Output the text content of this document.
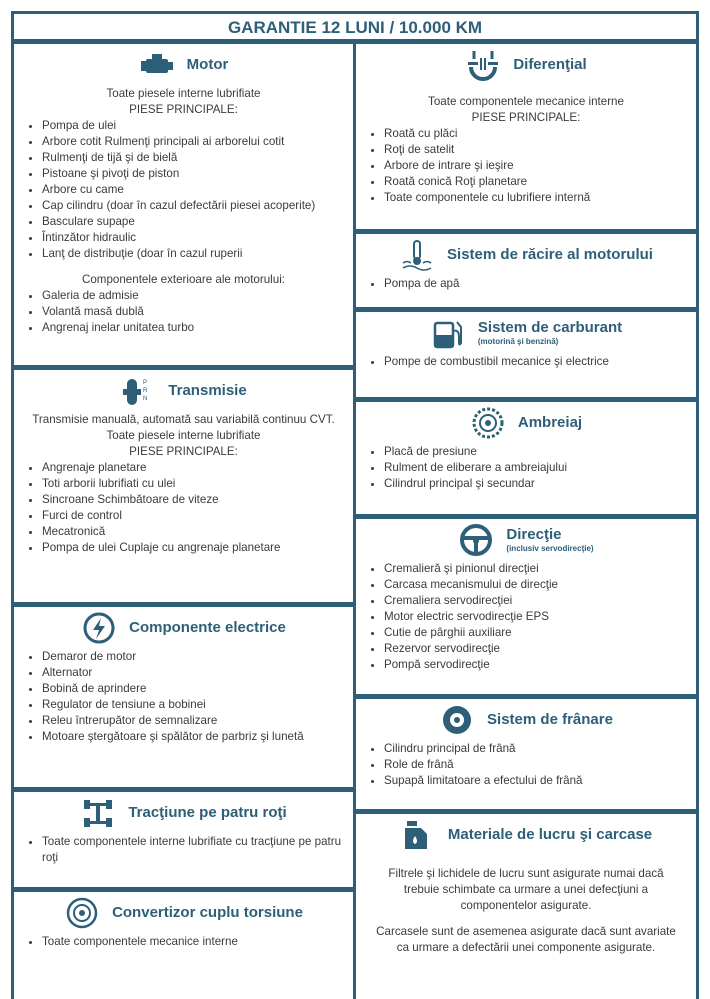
GARANTIE 12 LUNI / 10.000 KM
Motor
Toate piesele interne lubrifiate
PIESE PRINCIPALE:
• Pompa de ulei
• Arbore cotit Rulmenţi principali ai arborelui cotit
• Rulmenţi de tijă şi de bielă
• Pistoane şi pivoţi de piston
• Arbore cu came
• Cap cilindru (doar în cazul defectării piesei acoperite)
• Basculare supape
• Întinzător hidraulic
• Lanţ de distribuţie (doar în cazul ruperii
Componentele exterioare ale motorului:
• Galeria de admisie
• Volantă masă dublă
• Angrenaj inelar unitatea turbo
P
R
N
Transmisie
Transmisie manuală, automată sau variabilă continuu CVT.
Toate piesele interne lubrifiate
PIESE PRINCIPALE:
• Angrenaje planetare
• Toti arborii lubrifiati cu ulei
• Sincroane Schimbătoare de viteze
• Furci de control
• Mecatronică
• Pompa de ulei Cuplaje cu angrenaje planetare
Componente electrice
• Demaror de motor
• Alternator
• Bobină de aprindere
• Regulator de tensiune a bobinei
• Releu întrerupător de semnalizare
• Motoare ştergătoare şi spălător de parbriz şi lunetă
Tracţiune pe patru roţi
• Toate componentele interne lubrifiate cu tracţiune pe patru roţi
Convertizor cuplu torsiune
• Toate componentele mecanice interne
Diferenţial
Toate componentele mecanice interne
PIESE PRINCIPALE:
• Roată cu plăci
• Roţi de satelit
• Arbore de intrare şi ieşire
• Roată conică Roţi planetare
• Toate componentele cu lubrifiere internă
Sistem de răcire al motorului
• Pompa de apă
Sistem de carburant
(motorină şi benzină)
• Pompe de combustibil mecanice şi electrice
Ambreiaj
• Placă de presiune
• Rulment de eliberare a ambreiajului
• Cilindrul principal şi secundar
Direcţie
(inclusiv servodirecţie)
• Cremalieră şi pinionul direcţiei
• Carcasa mecanismului de direcţie
• Cremaliera servodirecţiei
• Motor electric servodirecţie EPS
• Cutie de pârghii auxiliare
• Rezervor servodirecţie
• Pompă servodirecţie
Sistem de frânare
• Cilindru principal de frână
• Role de frână
• Supapă limitatoare a efectului de frână
Materiale de lucru şi carcase
Filtrele şi lichidele de lucru sunt asigurate numai dacă trebuie schimbate ca urmare a unei defecţiuni a componentelor asigurate.
Carcasele sunt de asemenea asigurate dacă sunt avariate ca urmare a defectării unei componente asigurate.
